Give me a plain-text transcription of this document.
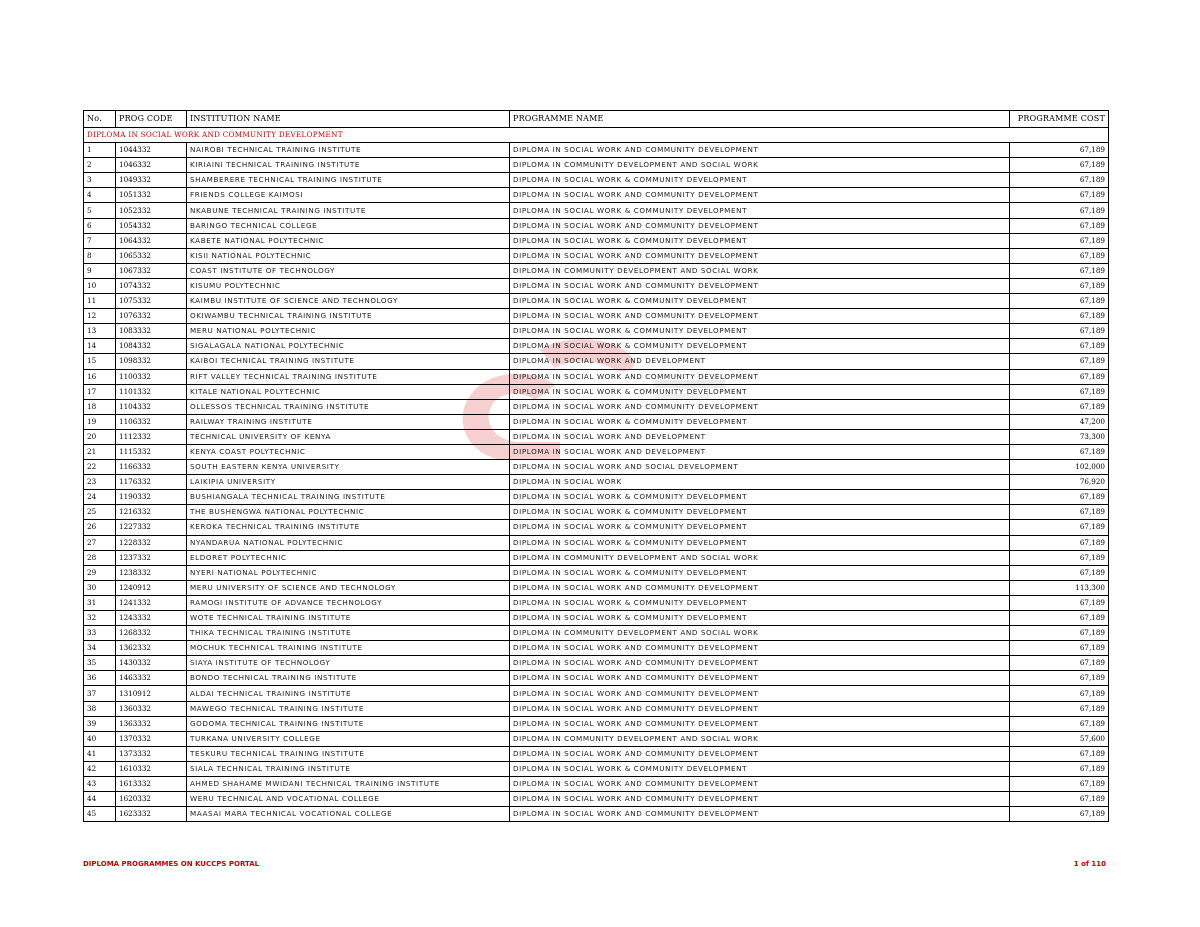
No.	PROG CODE	INSTITUTION NAME	PROGRAMME NAME	PROGRAMME COST
DIPLOMA IN SOCIAL WORK AND COMMUNITY DEVELOPMENT				
1	1044332	NAIROBI TECHNICAL TRAINING INSTITUTE	DIPLOMA IN SOCIAL WORK AND COMMUNITY DEVELOPMENT	67,189
2	1046332	KIRIAINI TECHNICAL TRAINING INSTITUTE	DIPLOMA IN COMMUNITY DEVELOPMENT AND SOCIAL WORK	67,189
3	1049332	SHAMBERERE TECHNICAL TRAINING INSTITUTE	DIPLOMA IN SOCIAL WORK & COMMUNITY DEVELOPMENT	67,189
4	1051332	FRIENDS COLLEGE KAIMOSI	DIPLOMA IN SOCIAL WORK AND COMMUNITY DEVELOPMENT	67,189
5	1052332	NKABUNE TECHNICAL TRAINING INSTITUTE	DIPLOMA IN SOCIAL WORK & COMMUNITY DEVELOPMENT	67,189
6	1054332	BARINGO TECHNICAL COLLEGE	DIPLOMA IN SOCIAL WORK AND COMMUNITY DEVELOPMENT	67,189
7	1064332	KABETE NATIONAL POLYTECHNIC	DIPLOMA IN SOCIAL WORK & COMMUNITY DEVELOPMENT	67,189
8	1065332	KISII NATIONAL POLYTECHNIC	DIPLOMA IN SOCIAL WORK AND COMMUNITY DEVELOPMENT	67,189
9	1067332	COAST INSTITUTE OF TECHNOLOGY	DIPLOMA IN COMMUNITY DEVELOPMENT AND SOCIAL WORK	67,189
10	1074332	KISUMU POLYTECHNIC	DIPLOMA IN SOCIAL WORK AND COMMUNITY DEVELOPMENT	67,189
11	1075332	KAIMBU INSTITUTE OF SCIENCE AND TECHNOLOGY	DIPLOMA IN SOCIAL WORK & COMMUNITY DEVELOPMENT	67,189
12	1076332	OKIWAMBU TECHNICAL TRAINING INSTITUTE	DIPLOMA IN SOCIAL WORK AND COMMUNITY DEVELOPMENT	67,189
13	1083332	MERU NATIONAL POLYTECHNIC	DIPLOMA IN SOCIAL WORK & COMMUNITY DEVELOPMENT	67,189
14	1084332	SIGALAGALA NATIONAL POLYTECHNIC	DIPLOMA IN SOCIAL WORK & COMMUNITY DEVELOPMENT	67,189
15	1098332	KAIBOI TECHNICAL TRAINING INSTITUTE	DIPLOMA IN SOCIAL WORK AND DEVELOPMENT	67,189
16	1100332	RIFT VALLEY TECHNICAL TRAINING INSTITUTE	DIPLOMA IN SOCIAL WORK AND COMMUNITY DEVELOPMENT	67,189
17	1101332	KITALE NATIONAL POLYTECHNIC	DIPLOMA IN SOCIAL WORK & COMMUNITY DEVELOPMENT	67,189
18	1104332	OLLESSOS TECHNICAL TRAINING INSTITUTE	DIPLOMA IN SOCIAL WORK AND COMMUNITY DEVELOPMENT	67,189
19	1106332	RAILWAY TRAINING INSTITUTE	DIPLOMA IN SOCIAL WORK & COMMUNITY DEVELOPMENT	47,200
20	1112332	TECHNICAL UNIVERSITY OF KENYA	DIPLOMA IN SOCIAL WORK AND DEVELOPMENT	73,300
21	1115332	KENYA COAST POLYTECHNIC	DIPLOMA IN SOCIAL WORK AND DEVELOPMENT	67,189
22	1166332	SOUTH EASTERN KENYA UNIVERSITY	DIPLOMA IN SOCIAL WORK AND SOCIAL DEVELOPMENT	102,000
23	1176332	LAIKIPIA UNIVERSITY	DIPLOMA IN SOCIAL WORK	76,920
24	1190332	BUSHIANGALA TECHNICAL TRAINING INSTITUTE	DIPLOMA IN SOCIAL WORK & COMMUNITY DEVELOPMENT	67,189
25	1216332	THE BUSHENGWA NATIONAL POLYTECHNIC	DIPLOMA IN SOCIAL WORK & COMMUNITY DEVELOPMENT	67,189
26	1227332	KEROKA TECHNICAL TRAINING INSTITUTE	DIPLOMA IN SOCIAL WORK & COMMUNITY DEVELOPMENT	67,189
27	1228332	NYANDARUA NATIONAL POLYTECHNIC	DIPLOMA IN SOCIAL WORK & COMMUNITY DEVELOPMENT	67,189
28	1237332	ELDORET POLYTECHNIC	DIPLOMA IN COMMUNITY DEVELOPMENT AND SOCIAL WORK	67,189
29	1238332	NYERI NATIONAL POLYTECHNIC	DIPLOMA IN SOCIAL WORK & COMMUNITY DEVELOPMENT	67,189
30	1240912	MERU UNIVERSITY OF SCIENCE AND TECHNOLOGY	DIPLOMA IN SOCIAL WORK AND COMMUNITY DEVELOPMENT	113,300
31	1241332	RAMOGI INSTITUTE OF ADVANCE TECHNOLOGY	DIPLOMA IN SOCIAL WORK & COMMUNITY DEVELOPMENT	67,189
32	1243332	WOTE TECHNICAL TRAINING INSTITUTE	DIPLOMA IN SOCIAL WORK & COMMUNITY DEVELOPMENT	67,189
33	1268332	THIKA TECHNICAL TRAINING INSTITUTE	DIPLOMA IN COMMUNITY DEVELOPMENT AND SOCIAL WORK	67,189
34	1362332	MOCHUK TECHNICAL TRAINING INSTITUTE	DIPLOMA IN SOCIAL WORK AND COMMUNITY DEVELOPMENT	67,189
35	1430332	SIAYA INSTITUTE OF TECHNOLOGY	DIPLOMA IN SOCIAL WORK AND COMMUNITY DEVELOPMENT	67,189
36	1463332	BONDO TECHNICAL TRAINING INSTITUTE	DIPLOMA IN SOCIAL WORK AND COMMUNITY DEVELOPMENT	67,189
37	1310912	ALDAI TECHNICAL TRAINING INSTITUTE	DIPLOMA IN SOCIAL WORK AND COMMUNITY DEVELOPMENT	67,189
38	1360332	MAWEGO TECHNICAL TRAINING INSTITUTE	DIPLOMA IN SOCIAL WORK AND COMMUNITY DEVELOPMENT	67,189
39	1363332	GODOMA TECHNICAL TRAINING INSTITUTE	DIPLOMA IN SOCIAL WORK AND COMMUNITY DEVELOPMENT	67,189
40	1370332	TURKANA UNIVERSITY COLLEGE	DIPLOMA IN COMMUNITY DEVELOPMENT AND SOCIAL WORK	57,600
41	1373332	TESKURU TECHNICAL TRAINING INSTITUTE	DIPLOMA IN SOCIAL WORK AND COMMUNITY DEVELOPMENT	67,189
42	1610332	SIALA TECHNICAL TRAINING INSTITUTE	DIPLOMA IN SOCIAL WORK & COMMUNITY DEVELOPMENT	67,189
43	1613332	AHMED SHAHAME MWIDANI TECHNICAL TRAINING INSTITUTE	DIPLOMA IN SOCIAL WORK AND COMMUNITY DEVELOPMENT	67,189
44	1620332	WERU TECHNICAL AND VOCATIONAL COLLEGE	DIPLOMA IN SOCIAL WORK AND COMMUNITY DEVELOPMENT	67,189
45	1623332	MAASAI MARA TECHNICAL VOCATIONAL COLLEGE	DIPLOMA IN SOCIAL WORK AND COMMUNITY DEVELOPMENT	67,189
DIPLOMA PROGRAMMES ON KUCCPS PORTAL	1 of 110
